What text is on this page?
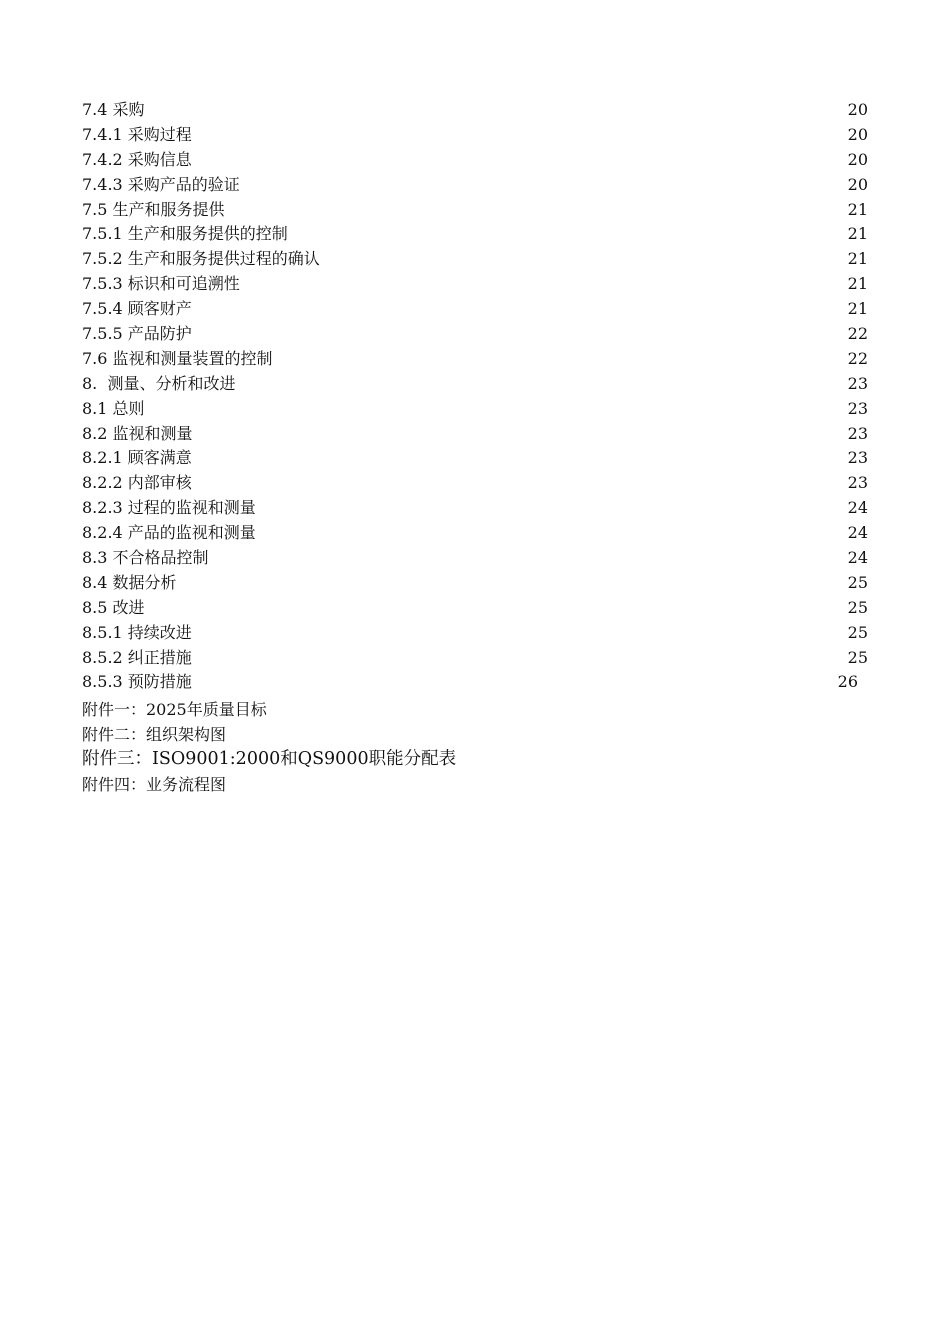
7.4 采购	20
7.4.1 采购过程	20
7.4.2 采购信息	20
7.4.3 采购产品的验证	20
7.5 生产和服务提供	21
7.5.1 生产和服务提供的控制	21
7.5.2 生产和服务提供过程的确认	21
7.5.3 标识和可追溯性	21
7.5.4 顾客财产	21
7.5.5 产品防护	22
7.6 监视和测量装置的控制	22
8.  测量、分析和改进	23
8.1 总则	23
8.2 监视和测量	23
8.2.1 顾客满意	23
8.2.2 内部审核	23
8.2.3 过程的监视和测量	24
8.2.4 产品的监视和测量	24
8.3 不合格品控制	24
8.4 数据分析	25
8.5 改进	25
8.5.1 持续改进	25
8.5.2 纠正措施	25
8.5.3 预防措施	26
附件一：2025年质量目标
附件二：组织架构图
附件三：ISO9001:2000和QS9000职能分配表
附件四：业务流程图
